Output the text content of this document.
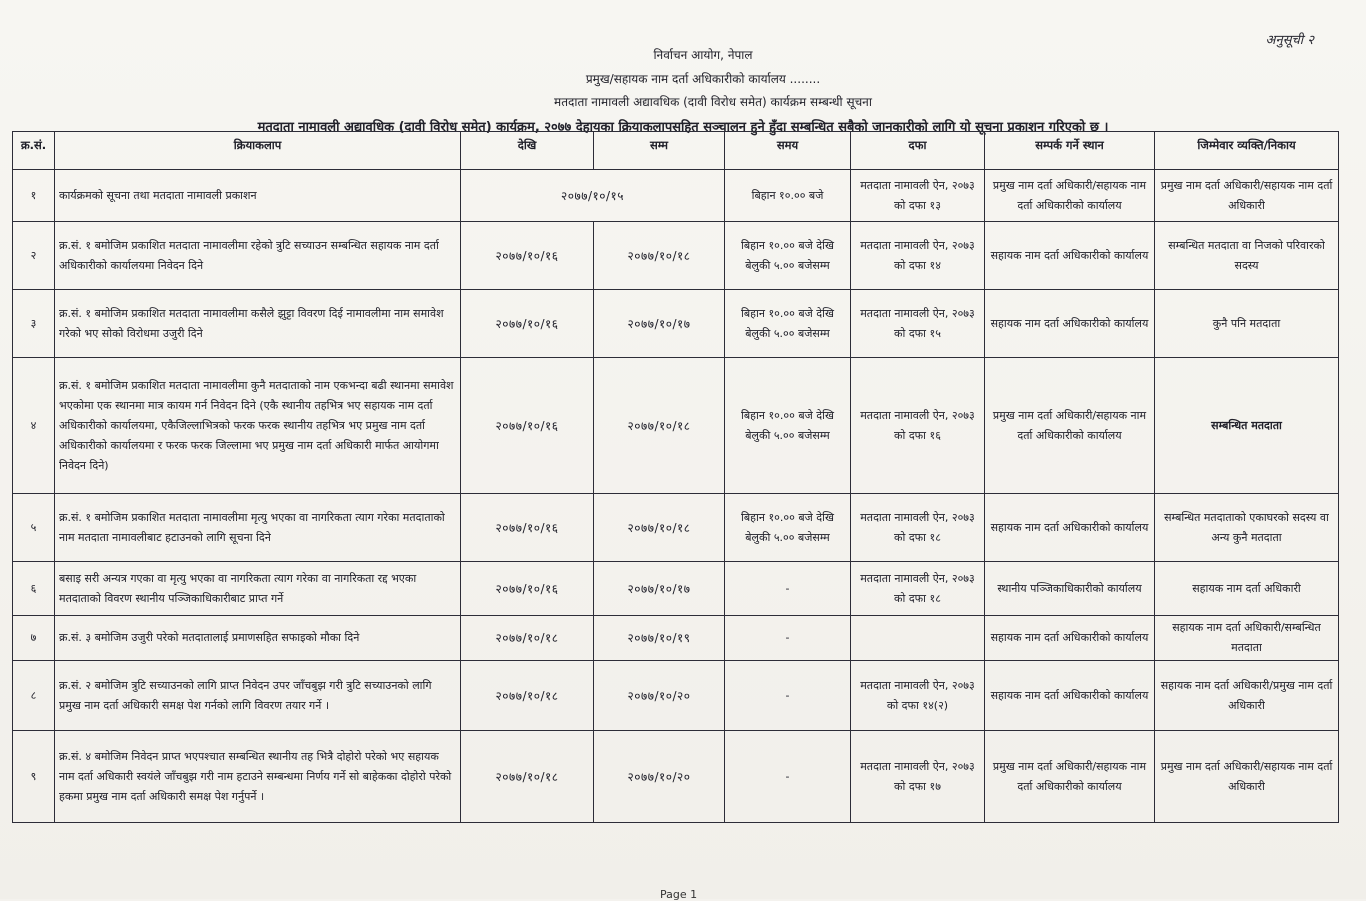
अनुसूची २
निर्वाचन आयोग, नेपाल
प्रमुख/सहायक नाम दर्ता अधिकारीको कार्यालय ........
मतदाता नामावली अद्यावधिक (दावी विरोध समेत) कार्यक्रम सम्बन्धी सूचना
मतदाता नामावली अद्यावधिक (दावी विरोध समेत) कार्यक्रम, २०७७ देहायका क्रियाकलापसहित सञ्चालन हुने हुँदा सम्बन्धित सबैको जानकारीको लागि यो सूचना प्रकाशन गरिएको छ ।
क्र.सं.	क्रियाकलाप	देखि	सम्म	समय	दफा	सम्पर्क गर्ने स्थान	जिम्मेवार व्यक्ति/निकाय
१	कार्यक्रमको सूचना तथा मतदाता नामावली प्रकाशन	२०७७/१०/१५		बिहान १०.०० बजे	मतदाता नामावली ऐन, २०७३ को दफा १३	प्रमुख नाम दर्ता अधिकारी/सहायक नाम दर्ता अधिकारीको कार्यालय	प्रमुख नाम दर्ता अधिकारी/सहायक नाम दर्ता अधिकारी
२	क्र.सं. १ बमोजिम प्रकाशित मतदाता नामावलीमा रहेको त्रुटि सच्याउन सम्बन्धित सहायक नाम दर्ता अधिकारीको कार्यालयमा निवेदन दिने	२०७७/१०/१६	२०७७/१०/१८	बिहान १०.०० बजे देखि बेलुकी ५.०० बजेसम्म	मतदाता नामावली ऐन, २०७३ को दफा १४	सहायक नाम दर्ता अधिकारीको कार्यालय	सम्बन्धित मतदाता वा निजको परिवारको सदस्य
३	क्र.सं. १ बमोजिम प्रकाशित मतदाता नामावलीमा कसैले झुट्टा विवरण दिई नामावलीमा नाम समावेश गरेको भए सोको विरोधमा उजुरी दिने	२०७७/१०/१६	२०७७/१०/१७	बिहान १०.०० बजे देखि बेलुकी ५.०० बजेसम्म	मतदाता नामावली ऐन, २०७३ को दफा १५	सहायक नाम दर्ता अधिकारीको कार्यालय	कुनै पनि मतदाता
४	क्र.सं. १ बमोजिम प्रकाशित मतदाता नामावलीमा कुनै मतदाताको नाम एकभन्दा बढी स्थानमा समावेश भएकोमा एक स्थानमा मात्र कायम गर्न निवेदन दिने (एकै स्थानीय तहभित्र भए सहायक नाम दर्ता अधिकारीको कार्यालयमा, एकैजिल्लाभित्रको फरक फरक स्थानीय तहभित्र भए प्रमुख नाम दर्ता अधिकारीको कार्यालयमा र फरक फरक जिल्लामा भए प्रमुख नाम दर्ता अधिकारी मार्फत आयोगमा निवेदन दिने)	२०७७/१०/१६	२०७७/१०/१८	बिहान १०.०० बजे देखि बेलुकी ५.०० बजेसम्म	मतदाता नामावली ऐन, २०७३ को दफा १६	प्रमुख नाम दर्ता अधिकारी/सहायक नाम दर्ता अधिकारीको कार्यालय	सम्बन्धित मतदाता
५	क्र.सं. १ बमोजिम प्रकाशित मतदाता नामावलीमा मृत्यु भएका वा नागरिकता त्याग गरेका मतदाताको नाम मतदाता नामावलीबाट हटाउनको लागि सूचना दिने	२०७७/१०/१६	२०७७/१०/१८	बिहान १०.०० बजे देखि बेलुकी ५.०० बजेसम्म	मतदाता नामावली ऐन, २०७३ को दफा १८	सहायक नाम दर्ता अधिकारीको कार्यालय	सम्बन्धित मतदाताको एकाघरको सदस्य वा अन्य कुनै मतदाता
६	बसाइ सरी अन्यत्र गएका वा मृत्यु भएका वा नागरिकता त्याग गरेका वा नागरिकता रद्द भएका मतदाताको विवरण स्थानीय पञ्जिकाधिकारीबाट प्राप्त गर्ने	२०७७/१०/१६	२०७७/१०/१७	-	मतदाता नामावली ऐन, २०७३ को दफा १८	स्थानीय पञ्जिकाधिकारीको कार्यालय	सहायक नाम दर्ता अधिकारी
७	क्र.सं. ३ बमोजिम उजुरी परेको मतदातालाई प्रमाणसहित सफाइको मौका दिने	२०७७/१०/१८	२०७७/१०/१९	-		सहायक नाम दर्ता अधिकारीको कार्यालय	सहायक नाम दर्ता अधिकारी/सम्बन्धित मतदाता
८	क्र.सं. २ बमोजिम त्रुटि सच्याउनको लागि प्राप्त निवेदन उपर जाँचबुझ गरी त्रुटि सच्याउनको लागि प्रमुख नाम दर्ता अधिकारी समक्ष पेश गर्नको लागि विवरण तयार गर्ने ।	२०७७/१०/१८	२०७७/१०/२०	-	मतदाता नामावली ऐन, २०७३ को दफा १४(२)	सहायक नाम दर्ता अधिकारीको कार्यालय	सहायक नाम दर्ता अधिकारी/प्रमुख नाम दर्ता अधिकारी
९	क्र.सं. ४ बमोजिम निवेदन प्राप्त भएपश्चात सम्बन्धित स्थानीय तह भित्रै दोहोरो परेको भए सहायक नाम दर्ता अधिकारी स्वयंले जाँचबुझ गरी नाम हटाउने सम्बन्धमा निर्णय गर्ने सो बाहेकका दोहोरो परेको हकमा प्रमुख नाम दर्ता अधिकारी समक्ष पेश गर्नुपर्ने ।	२०७७/१०/१८	२०७७/१०/२०	-	मतदाता नामावली ऐन, २०७३ को दफा १७	प्रमुख नाम दर्ता अधिकारी/सहायक नाम दर्ता अधिकारीको कार्यालय	प्रमुख नाम दर्ता अधिकारी/सहायक नाम दर्ता अधिकारी
Page 1
